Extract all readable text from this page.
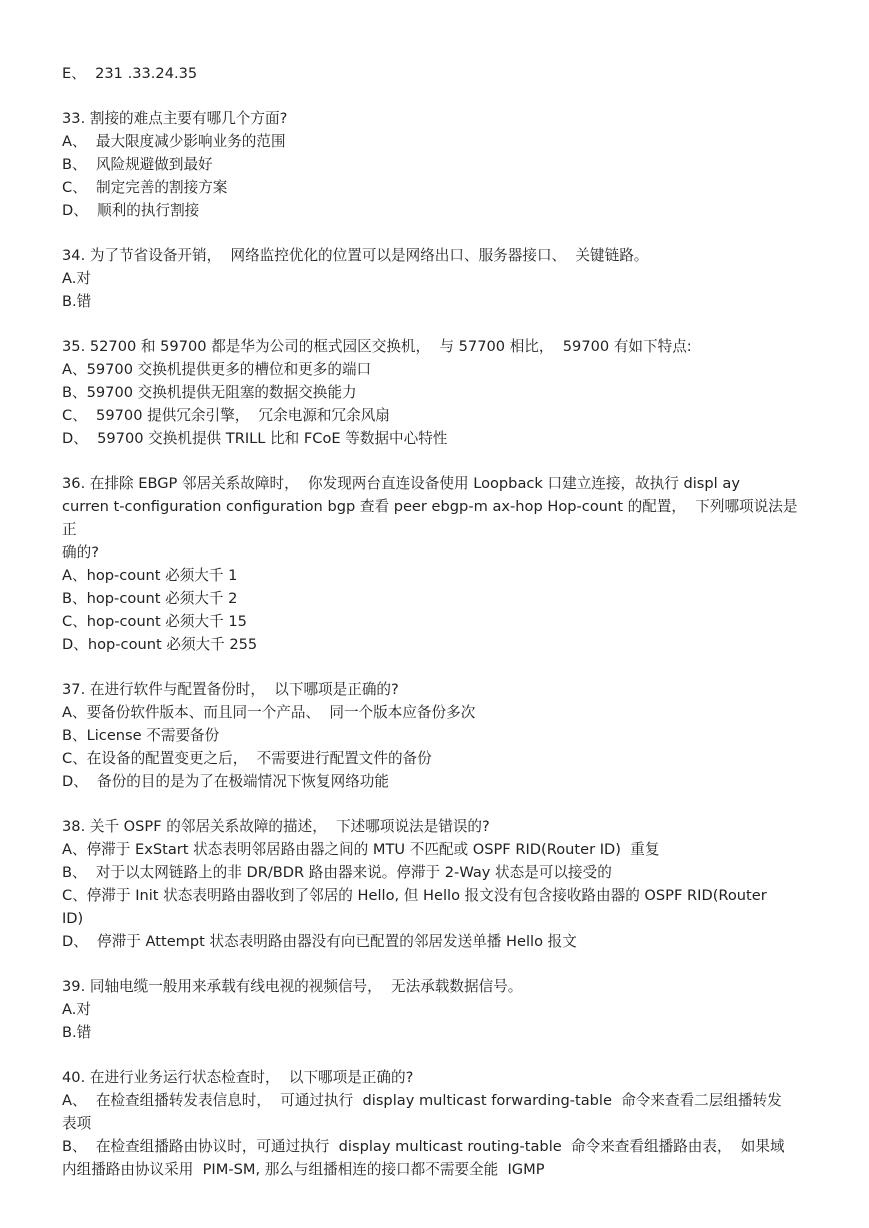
E、  231 .33.24.35
33. 割接的难点主要有哪几个方面?
A、  最大限度减少影响业务的范围
B、  风险规避做到最好
C、  制定完善的割接方案
D、  顺利的执行割接
34. 为了节省设备开销，  网络监控优化的位置可以是网络出口、服务器接口、  关键链路。
A.对
B.错
35. 52700 和 59700 都是华为公司的框式园区交换机，  与 57700 相比，  59700 有如下特点:
A、59700 交换机提供更多的槽位和更多的端口
B、59700 交换机提供无阻塞的数据交换能力
C、  59700 提供冗余引擎，  冗余电源和冗余风扇
D、  59700 交换机提供 TRILL 比和 FCoE 等数据中心特性
36. 在排除 EBGP 邻居关系故障时，  你发现两台直连设备使用 Loopback 口建立连接，故执行 displ ay
curren t-configuration configuration bgp 查看 peer ebgp-m ax-hop Hop-count 的配置，  下列哪项说法是正
确的?
A、hop-count 必须大千 1
B、hop-count 必须大千 2
C、hop-count 必须大千 15
D、hop-count 必须大千 255
37. 在进行软件与配置备份时，  以下哪项是正确的?
A、要备份软件版本、而且同一个产品、  同一个版本应备份多次
B、License 不需要备份
C、在设备的配置变更之后，  不需要进行配置文件的备份
D、  备份的目的是为了在极端情况下恢复网络功能
38. 关千 OSPF 的邻居关系故障的描述，  下述哪项说法是错误的?
A、停滞于 ExStart 状态表明邻居路由器之间的 MTU 不匹配或 OSPF RID(Router ID)  重复
B、  对于以太网链路上的非 DR/BDR 路由器来说。停滞于 2-Way 状态是可以接受的
C、停滞于 Init 状态表明路由器收到了邻居的 Hello, 但 Hello 报文没有包含接收路由器的 OSPF RID(Router
ID)
D、  停滞于 Attempt 状态表明路由器没有向已配置的邻居发送单播 Hello 报文
39. 同轴电缆一般用来承载有线电视的视频信号，  无法承载数据信号。
A.对
B.错
40. 在进行业务运行状态检查时，  以下哪项是正确的?
A、  在检查组播转发表信息时，  可通过执行  display multicast forwarding-table  命令来查看二层组播转发
表项
B、  在检查组播路由协议时，可通过执行  display multicast routing-table  命令来查看组播路由表，  如果域
内组播路由协议采用  PIM-SM, 那么与组播相连的接口都不需要全能  IGMP
